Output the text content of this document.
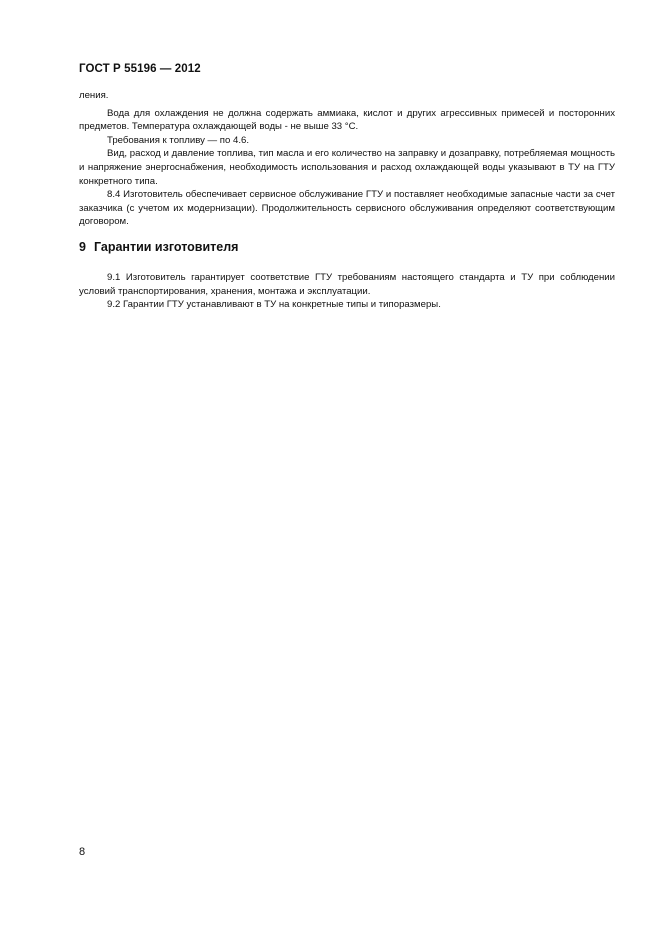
ГОСТ Р 55196 — 2012

ления.

Вода для охлаждения не должна содержать аммиака, кислот и других агрессивных примесей и посторонних предметов. Температура охлаждающей воды - не выше 33 °С.

Требования к топливу — по 4.6.

Вид, расход и давление топлива, тип масла и его количество на заправку и дозаправку, потребляемая мощность и напряжение энергоснабжения, необходимость использования и расход охлаждающей воды указывают в ТУ на ГТУ конкретного типа.

8.4 Изготовитель обеспечивает сервисное обслуживание ГТУ и поставляет необходимые запасные части за счет заказчика (с учетом их модернизации). Продолжительность сервисного обслуживания определяют соответствующим договором.

9 Гарантии изготовителя

9.1 Изготовитель гарантирует соответствие ГТУ требованиям настоящего стандарта и ТУ при соблюдении условий транспортирования, хранения, монтажа и эксплуатации.

9.2 Гарантии ГТУ устанавливают в ТУ на конкретные типы и типоразмеры.

8
